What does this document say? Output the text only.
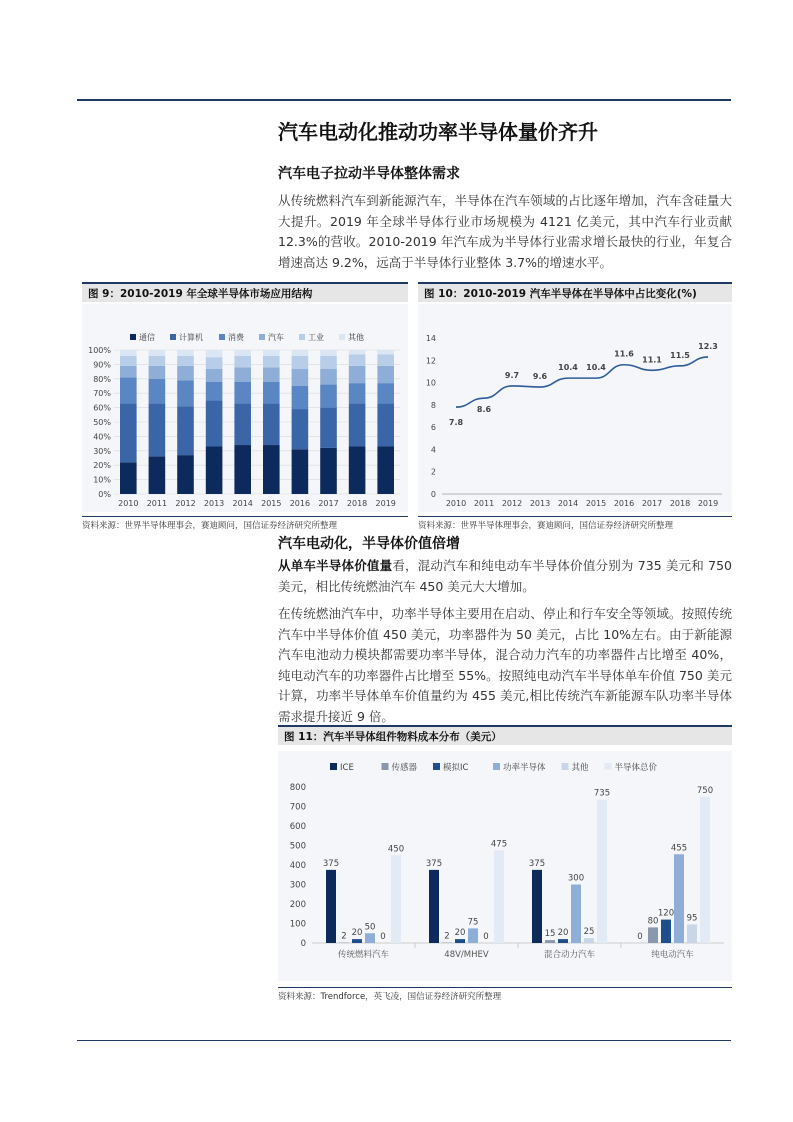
汽车电动化推动功率半导体量价齐升
汽车电子拉动半导体整体需求
从传统燃料汽车到新能源汽车，半导体在汽车领域的占比逐年增加，汽车含硅量大大提升。2019 年全球半导体行业市场规模为 4121 亿美元，其中汽车行业贡献 12.3%的营收。2010-2019 年汽车成为半导体行业需求增长最快的行业，年复合增速高达 9.2%，远高于半导体行业整体 3.7%的增速水平。
图 9：2010-2019 年全球半导体市场应用结构
通信	计算机	消费	汽车	工业	其他
0%
10%
20%
30%
40%
50%
60%
70%
80%
90%
100%
2010 2011 2012 2013 2014 2015 2016 2017 2018 2019
资料来源：世界半导体理事会，赛迪顾问，国信证券经济研究所整理
图 10：2010-2019 汽车半导体在半导体中占比变化(%)
0
2
4
6
8
10
12
14
7.8
2010
8.6
2011
9.7
2012
9.6
2013
10.4
2014
10.4
2015
11.6
2016
11.1
2017
11.5
2018
12.3
2019
资料来源：世界半导体理事会，赛迪顾问，国信证券经济研究所整理
汽车电动化，半导体价值倍增
从单车半导体价值量看，混动汽车和纯电动车半导体价值分别为 735 美元和 750 美元，相比传统燃油汽车 450 美元大大增加。
在传统燃油汽车中，功率半导体主要用在启动、停止和行车安全等领域。按照传统汽车中半导体价值 450 美元，功率器件为 50 美元，占比 10%左右。由于新能源汽车电池动力模块都需要功率半导体，混合动力汽车的功率器件占比增至 40%，纯电动汽车的功率器件占比增至 55%。按照纯电动汽车半导体单车价值 750 美元计算，功率半导体单车价值量约为 455 美元,相比传统汽车新能源车队功率半导体需求提升接近 9 倍。
图 11：汽车半导体组件物料成本分布（美元）
ICE	传感器	模拟IC	功率半导体	其他	半导体总价
0
100
200
300
400
500
600
700
800
375
2 20
50
0
450
传统燃料汽车
375
2 20
75
0
475
48V/MHEV
375
15 20
300
25
735
混合动力汽车
0
80
120
455
95
750
纯电动汽车
资料来源：Trendforce，英飞凌，国信证券经济研究所整理
